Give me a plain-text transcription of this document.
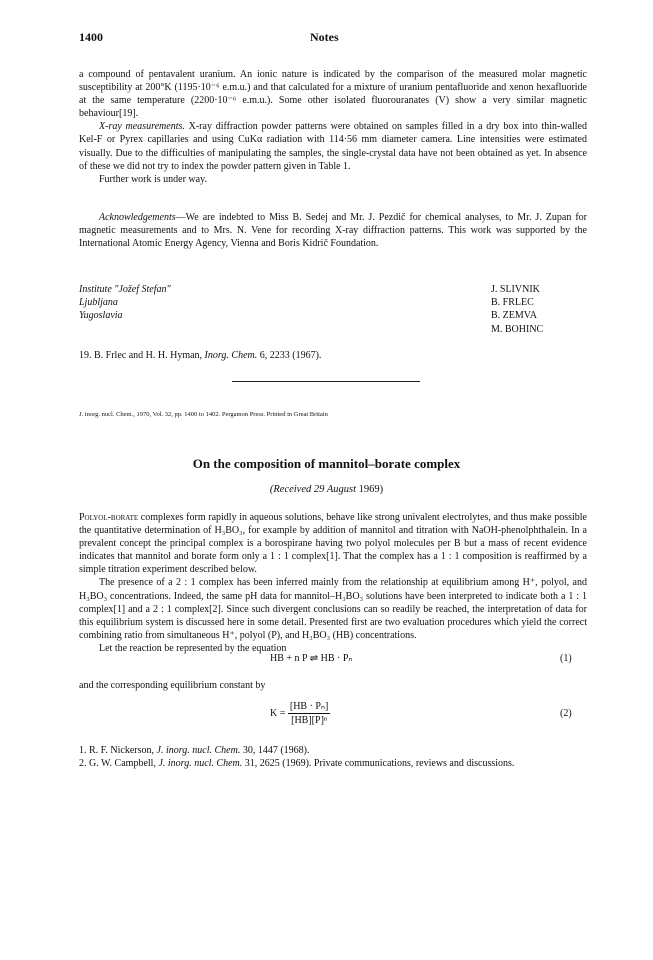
1400	Notes

a compound of pentavalent uranium. An ionic nature is indicated by the comparison of the measured molar magnetic susceptibility at 200°K (1195·10⁻⁶ e.m.u.) and that calculated for a mixture of uranium pentafluoride and xenon hexafluoride at the same temperature (2200·10⁻⁶ e.m.u.). Some other isolated fluorouranates (V) show a very similar magnetic behaviour[19].

X-ray measurements. X-ray diffraction powder patterns were obtained on samples filled in a dry box into thin-walled Kel-F or Pyrex capillaries and using CuKα radiation with 114·56 mm diameter camera. Line intensities were estimated visually. Due to the difficulties of manipulating the samples, the single-crystal data have not been obtained as yet. In absence of these we did not try to index the powder pattern given in Table 1.

Further work is under way.

Acknowledgements—We are indebted to Miss B. Sedej and Mr. J. Pezdič for chemical analyses, to Mr. J. Zupan for magnetic measurements and to Mrs. N. Vene for recording X-ray diffraction patterns. This work was supported by the International Atomic Energy Agency, Vienna and Boris Kidrič Foundation.

Institute "Jožef Stefan"
Ljubljana
Yugoslavia
J. SLIVNIK
B. FRLEC
B. ZEMVA
M. BOHINC
19. B. Frlec and H. H. Hyman, Inorg. Chem. 6, 2233 (1967).
J. inorg. nucl. Chem., 1970, Vol. 32, pp. 1400 to 1402. Pergamon Press. Printed in Great Britain
On the composition of mannitol–borate complex
(Received 29 August 1969)

Polyol-borate complexes form rapidly in aqueous solutions, behave like strong univalent electrolytes, and thus make possible the quantitative determination of H₃BO₃, for example by addition of mannitol and titration with NaOH-phenolphthalein. In a prevalent concept the principal complex is a borospirane having two polyol molecules per B but a mass of recent evidence indicates that mannitol and borate form only a 1 : 1 complex[1]. That the complex has a 1 : 1 composition is reaffirmed by a simple titration experiment described below.

The presence of a 2 : 1 complex has been inferred mainly from the relationship at equilibrium among H⁺, polyol, and H₃BO₃ concentrations. Indeed, the same pH data for mannitol–H₃BO₃ solutions have been interpreted to indicate both a 1 : 1 complex[1] and a 2 : 1 complex[2]. Since such divergent conclusions can so readily be reached, the interpretation of data for this equilibrium system is discussed here in some detail. Presented first are two evaluation procedures which yield the correct combining ratio from simultaneous H⁺, polyol (P), and H₃BO₃ (HB) concentrations.

Let the reaction be represented by the equation

HB + n P ⇌ HB · Pₙ	(1)

and the corresponding equilibrium constant by

$K = \frac{\text{[HB · Pₙ]}}{\text{[HB][P]ⁿ}}$	(2)
1. R. F. Nickerson, J. inorg. nucl. Chem. 30, 1447 (1968).
2. G. W. Campbell, J. inorg. nucl. Chem. 31, 2625 (1969). Private communications, reviews and discussions.
